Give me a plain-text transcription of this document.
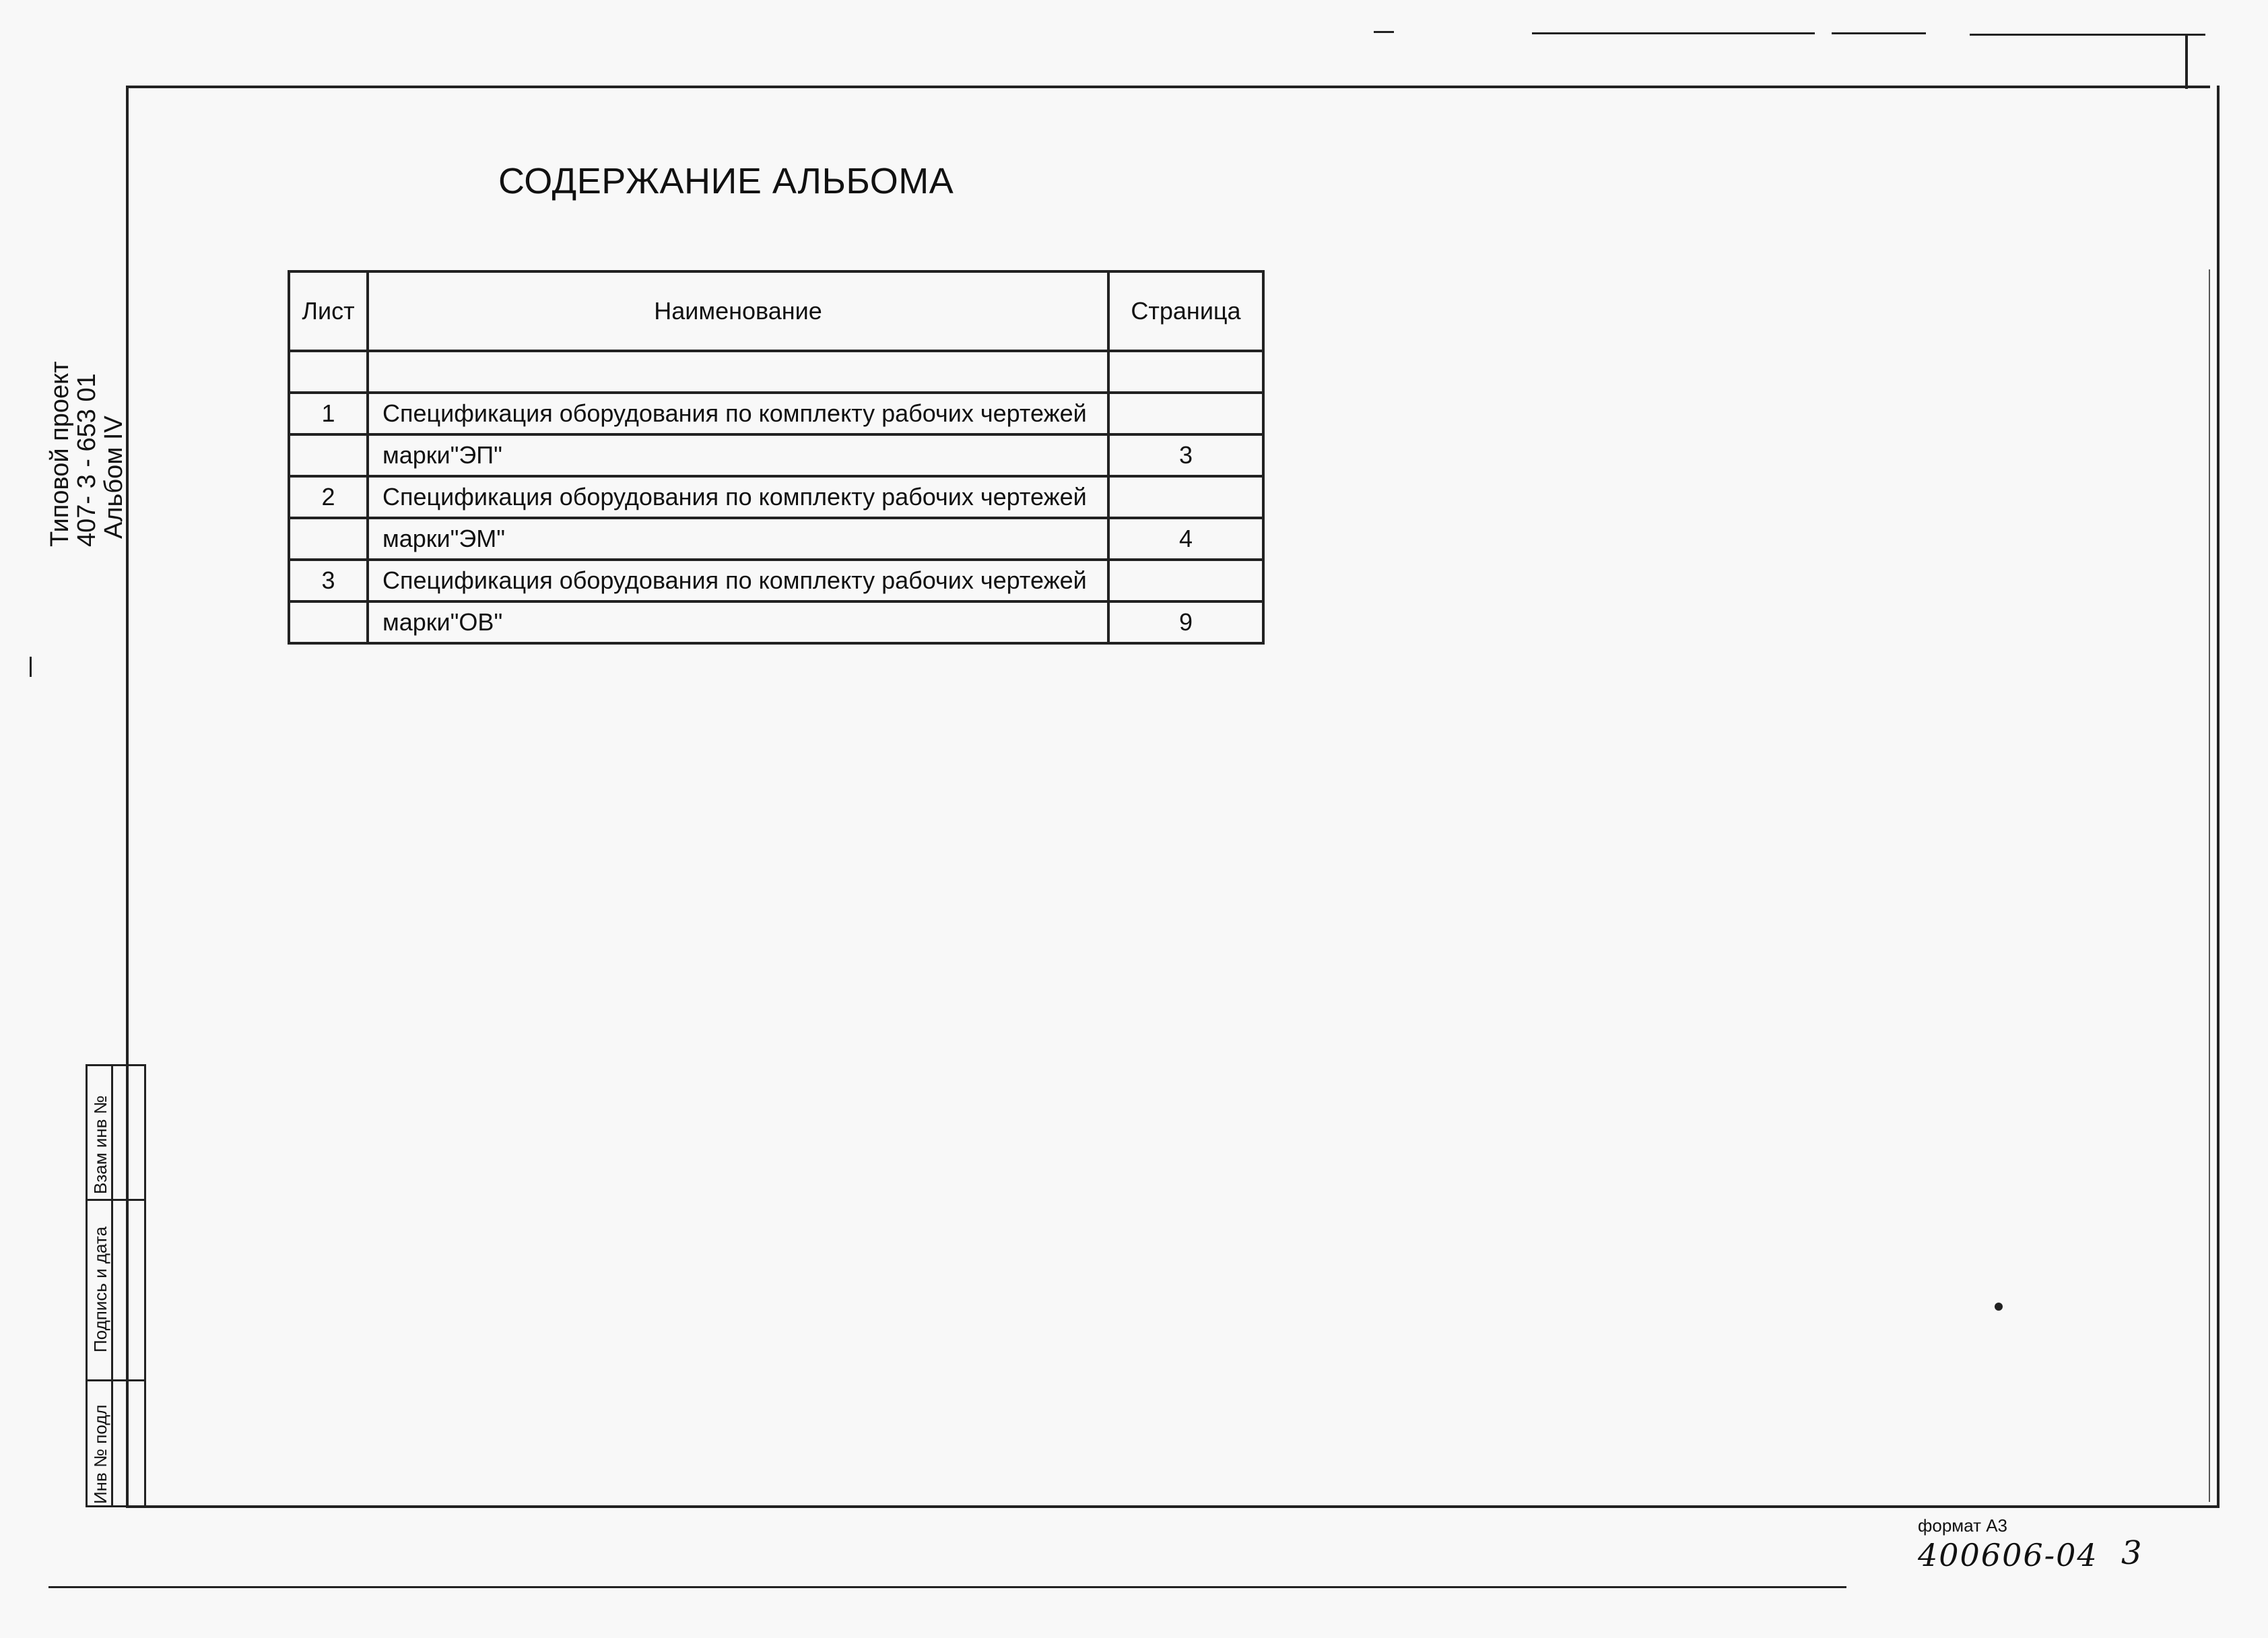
СОДЕРЖАНИЕ АЛЬБОМА
Типовой проект
407- 3 - 653 01
Альбом IV
Лист	Наименование	Страница

1	Спецификация оборудования по комплекту рабочих чертежей	
	марки"ЭП"	3
2	Спецификация оборудования по комплекту рабочих чертежей	
	марки"ЭМ"	4
3	Спецификация оборудования по комплекту рабочих чертежей	
	марки"ОВ"	9
Взам инв №
Подпись и дата
Инв № подл
формат А3
400606-04 3
